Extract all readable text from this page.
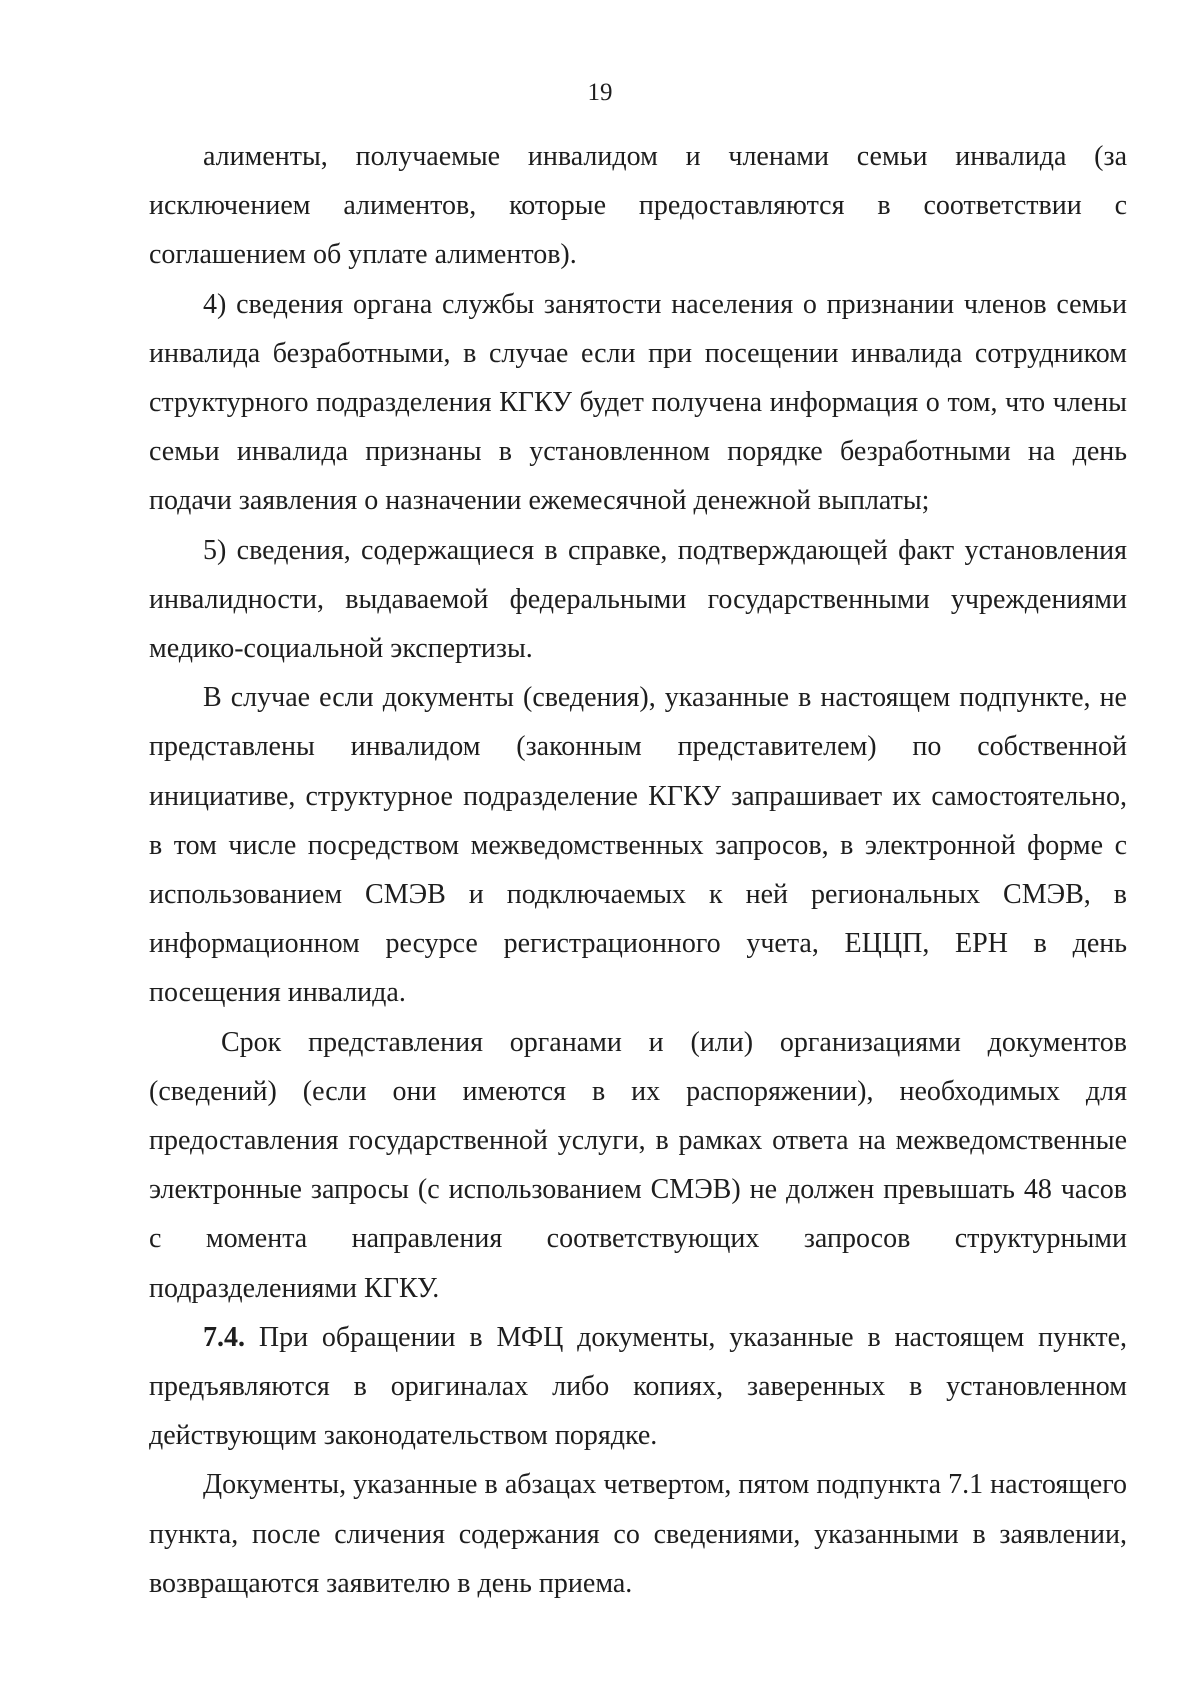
19

алименты, получаемые инвалидом и членами семьи инвалида (за исключением алиментов, которые предоставляются в соответствии с соглашением об уплате алиментов).

4) сведения органа службы занятости населения о признании членов семьи инвалида безработными, в случае если при посещении инвалида сотрудником структурного подразделения КГКУ будет получена информация о том, что члены семьи инвалида признаны в установленном порядке безработными на день подачи заявления о назначении ежемесячной денежной выплаты;

5) сведения, содержащиеся в справке, подтверждающей факт установления инвалидности, выдаваемой федеральными государственными учреждениями медико-социальной экспертизы.

В случае если документы (сведения), указанные в настоящем подпункте, не представлены инвалидом (законным представителем) по собственной инициативе, структурное подразделение КГКУ запрашивает их самостоятельно, в том числе посредством межведомственных запросов, в электронной форме с использованием СМЭВ и подключаемых к ней региональных СМЭВ, в информационном ресурсе регистрационного учета, ЕЦЦП, ЕРН в день посещения инвалида.

Срок представления органами и (или) организациями документов (сведений) (если они имеются в их распоряжении), необходимых для предоставления государственной услуги, в рамках ответа на межведомственные электронные запросы (с использованием СМЭВ) не должен превышать 48 часов с момента направления соответствующих запросов структурными подразделениями КГКУ.

7.4. При обращении в МФЦ документы, указанные в настоящем пункте, предъявляются в оригиналах либо копиях, заверенных в установленном действующим законодательством порядке.

Документы, указанные в абзацах четвертом, пятом подпункта 7.1 настоящего пункта, после сличения содержания со сведениями, указанными в заявлении, возвращаются заявителю в день приема.
